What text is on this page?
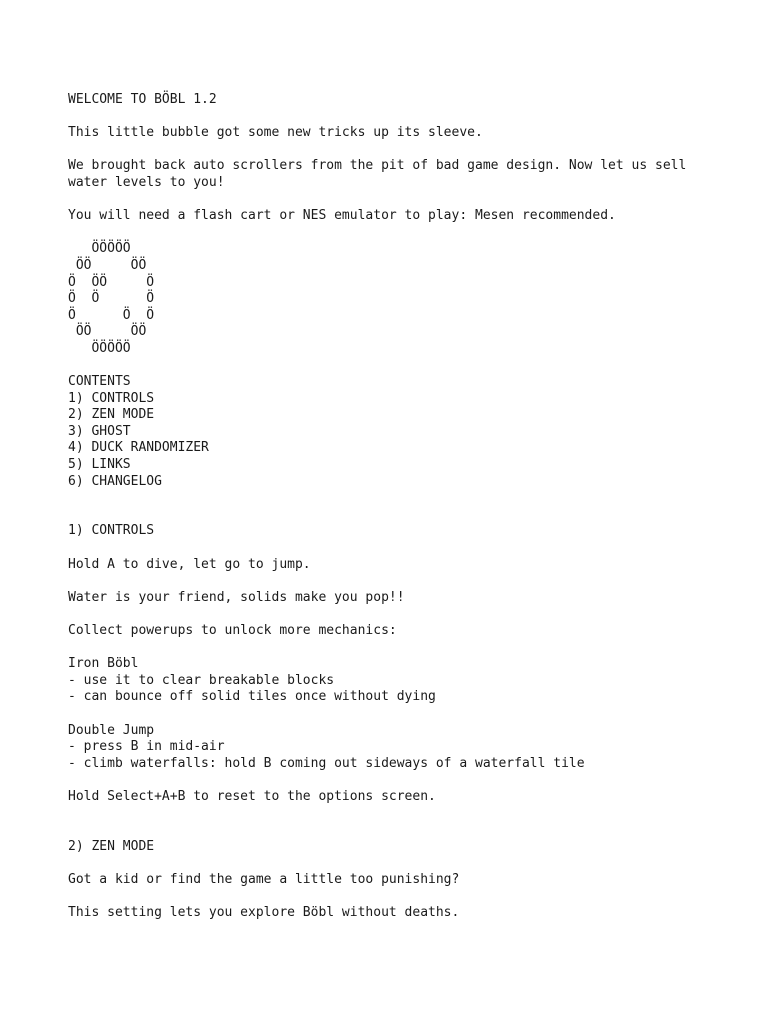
WELCOME TO BÖBL 1.2
This little bubble got some new tricks up its sleeve.
We brought back auto scrollers from the pit of bad game design. Now let us sell
water levels to you!
You will need a flash cart or NES emulator to play: Mesen recommended.
ÖÖÖÖÖ
ÖÖ     ÖÖ
Ö  ÖÖ     Ö
Ö  Ö      Ö
Ö      Ö  Ö
ÖÖ     ÖÖ
ÖÖÖÖÖ
CONTENTS
1) CONTROLS
2) ZEN MODE
3) GHOST
4) DUCK RANDOMIZER
5) LINKS
6) CHANGELOG
1) CONTROLS
Hold A to dive, let go to jump.
Water is your friend, solids make you pop!!
Collect powerups to unlock more mechanics:
Iron Böbl
- use it to clear breakable blocks
- can bounce off solid tiles once without dying
Double Jump
- press B in mid-air
- climb waterfalls: hold B coming out sideways of a waterfall tile
Hold Select+A+B to reset to the options screen.
2) ZEN MODE
Got a kid or find the game a little too punishing?
This setting lets you explore Böbl without deaths.
